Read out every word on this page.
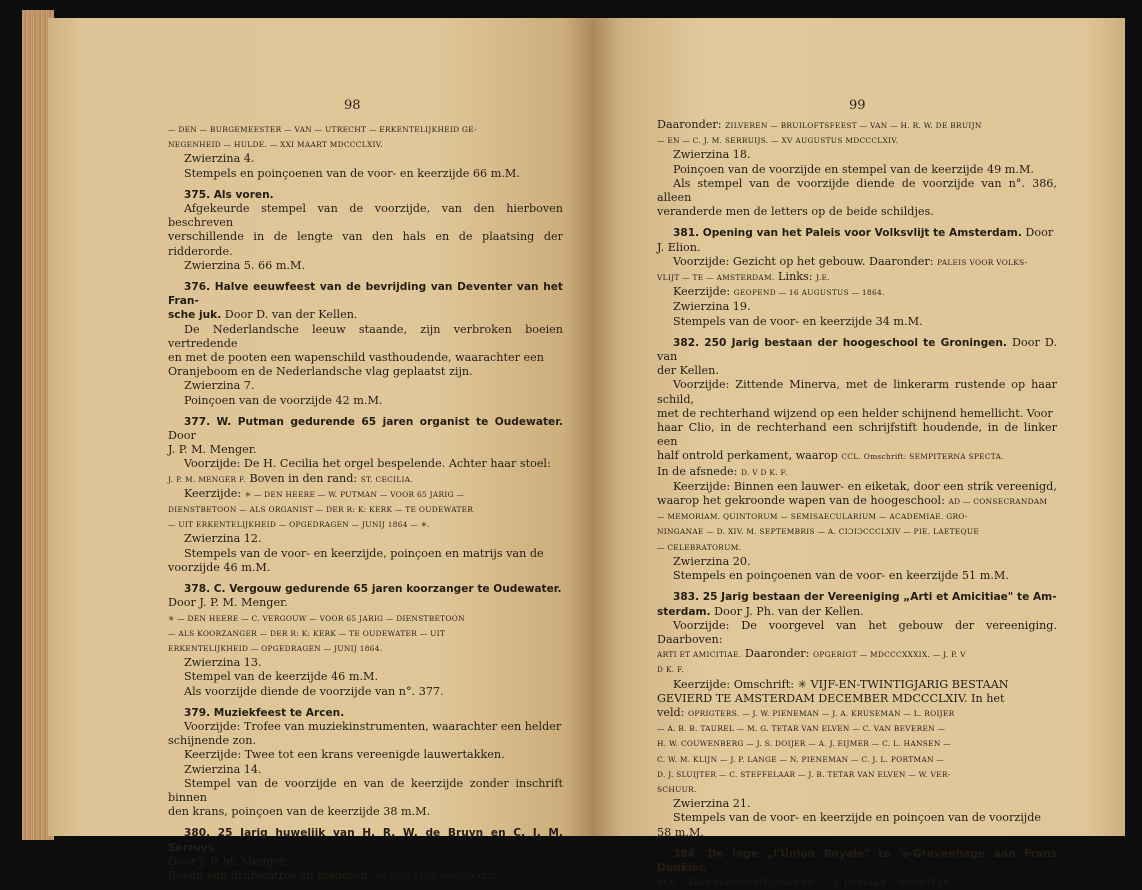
98

— DEN — BURGEMEESTER — VAN — UTRECHT — ERKENTELIJKHEID GE-

NEGENHEID — HULDE. — XXI MAART MDCCCLXIV.

Zwierzina 4.

Stempels en poinçoenen van de voor- en keerzijde 66 m.M.

375. Als voren.

Afgekeurde stempel van de voorzijde, van den hierboven beschreven

verschillende in de lengte van den hals en de plaatsing der ridderorde.

Zwierzina 5. 66 m.M.

376. Halve eeuwfeest van de bevrijding van Deventer van het Fran-

sche juk. Door D. van der Kellen.

De Nederlandsche leeuw staande, zijn verbroken boeien vertredende

en met de pooten een wapenschild vasthoudende, waarachter een

Oranjeboom en de Nederlandsche vlag geplaatst zijn.

Zwierzina 7.

Poinçoen van de voorzijde 42 m.M.

377. W. Putman gedurende 65 jaren organist te Oudewater. Door

J. P. M. Menger.

Voorzijde: De H. Cecilia het orgel bespelende. Achter haar stoel:

J. P. M. MENGER F. Boven in den rand: ST. CECILIA.

Keerzijde: ✳ — DEN HEERE — W. PUTMAN — VOOR 65 JARIG —

DIENSTBETOON — ALS ORGANIST — DER R: K: KERK — TE OUDEWATER

— UIT ERKENTELIJKHEID — OPGEDRAGEN — JUNIJ 1864 — ✳.

Zwierzina 12.

Stempels van de voor- en keerzijde, poinçoen en matrijs van de

voorzijde 46 m.M.

378. C. Vergouw gedurende 65 jaren koorzanger te Oudewater.

Door J. P. M. Menger.

✳ — DEN HEERE — C. VERGOUW — VOOR 65 JARIG — DIENSTBETOON

— ALS KOORZANGER — DER R: K: KERK — TE OUDEWATER — UIT

ERKENTELIJKHEID — OPGEDRAGEN — JUNIJ 1864.

Zwierzina 13.

Stempel van de keerzijde 46 m.M.

Als voorzijde diende de voorzijde van n°. 377.

379. Muziekfeest te Arcen.

Voorzijde: Trofee van muziekinstrumenten, waarachter een helder

schijnende zon.

Keerzijde: Twee tot een krans vereenigde lauwertakken.

Zwierzina 14.

Stempel van de voorzijde en van de keerzijde zonder inschrift binnen

den krans, poinçoen van de keerzijde 38 m.M.

380. 25 Jarig huwelijk van H. R. W. de Bruyn en C. J. M. Serruys.

Door J. P. M. Menger.

Boven een druiventros en bladeren: XV AUGUSTUS MDCCCXXXIX.

99

Daaronder: ZILVEREN — BRUILOFTSFEEST — VAN — H. R. W. DE BRUIJN

— EN — C. J. M. SERRUIJS. — XV AUGUSTUS MDCCCLXIV.

Zwierzina 18.

Poinçoen van de voorzijde en stempel van de keerzijde 49 m.M.

Als stempel van de voorzijde diende de voorzijde van n°. 386, alleen

veranderde men de letters op de beide schildjes.

381. Opening van het Paleis voor Volksvlijt te Amsterdam. Door

J. Elion.

Voorzijde: Gezicht op het gebouw. Daaronder: PALEIS VOOR VOLKS-

VLIJT — TE — AMSTERDAM. Links: J.E.

Keerzijde: GEOPEND — 16 AUGUSTUS — 1864.

Zwierzina 19.

Stempels van de voor- en keerzijde 34 m.M.

382. 250 Jarig bestaan der hoogeschool te Groningen. Door D. van

der Kellen.

Voorzijde: Zittende Minerva, met de linkerarm rustende op haar schild,

met de rechterhand wijzend op een helder schijnend hemellicht. Voor

haar Clio, in de rechterhand een schrijfstift houdende, in de linker een

half ontrold perkament, waarop CCL. Omschrift: SEMPITERNA SPECTA.

In de afsnede: D. V D K. F.

Keerzijde: Binnen een lauwer- en eiketak, door een strik vereenigd,

waarop het gekroonde wapen van de hoogeschool: AD — CONSECRANDAM

— MEMORIAM. QUINTORUM — SEMISAECULARIUM — ACADEMIAE. GRO-

NINGANAE — D. XIV. M. SEPTEMBRIS — A. CIƆIƆCCCLXIV — PIE. LAETEQUE

— CELEBRATORUM.

Zwierzina 20.

Stempels en poinçoenen van de voor- en keerzijde 51 m.M.

383. 25 Jarig bestaan der Vereeniging „Arti et Amicitiae" te Am-

sterdam. Door J. Ph. van der Kellen.

Voorzijde: De voorgevel van het gebouw der vereeniging. Daarboven:

ARTI ET AMICITIAE. Daaronder: OPGERIGT — MDCCCXXXIX. — J. P. V

D K. F.

Keerzijde: Omschrift: ✳ VIJF-EN-TWINTIGJARIG BESTAAN

GEVIERD TE AMSTERDAM DECEMBER MDCCCLXIV. In het

veld: OPRIGTERS. — J. W. PIENEMAN — J. A. KRUSEMAN — L. ROIJER

— A. B. B. TAUREL — M. G. TETAR VAN ELVEN — C. VAN BEVEREN —

H. W. COUWENBERG — J. S. DOIJER — A. J. EIJMER — C. L. HANSEN —

C. W. M. KLIJN — J. P. LANGE — N. PIENEMAN — C. J. L. PORTMAN —

D. J. SLUIJTER — C. STEFFELAAR — J. B. TETAR VAN ELVEN — W. VER-

SCHUUR.

Zwierzina 21.

Stempels van de voor- en keerzijde en poinçoen van de voorzijde

58 m.M.

384. De loge „l'Union Royale" te 's-Gravenhage aan Frans Dunkler.

DEN — ZEER VERDIENSTELIJKEN BR ∴ — F. DUNKLER — DIRECTEUR
